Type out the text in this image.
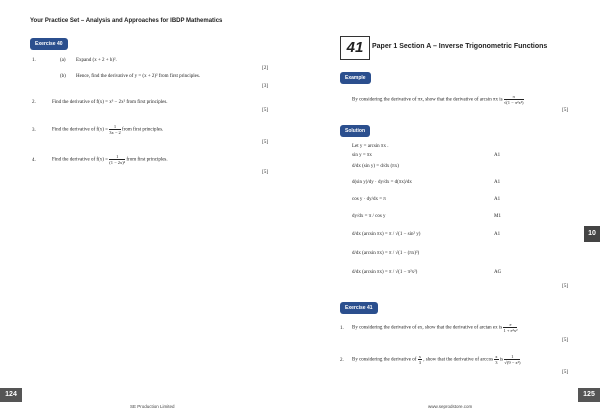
Your Practice Set – Analysis and Approaches for IBDP Mathematics
Exercise 40
1.	(a) Expand (x + 2 + h)².
[2]
(b) Hence, find the derivative of y = (x + 2)² from first principles.
[3]
2.	Find the derivative of f(x) = x³ − 2x² from first principles.
[5]
3.	Find the derivative of $f(x) = \frac{1}{3x - 2}$ from first principles.
[5]
4.	Find the derivative of $f(x) = \frac{1}{\text{(1 − 2x)²}}$ from first principles.
[5]
124
SE Production Limited
41	Paper 1 Section A – Inverse Trigonometric Functions
Example
By considering the derivative of πx, show that the derivative of arcsin πx is $\frac{\pi}{\text{√(1 − π²x²)}}$
[5]
Solution
Let y = arcsin πx .
sin y = πx	A1
d/dx (sin y) = d/dx (πx)
d(sin y)/dy · dy/dx = d(πx)/dx	A1
cos y · dy/dx = π	A1
dy/dx = π / cos y	M1
d/dx (arcsin πx) = π / √(1 − sin² y)	A1
d/dx (arcsin πx) = π / √(1 − (πx)²)
d/dx (arcsin πx) = π / √(1 − π²x²)	AG
[5]
Exercise 41
1. By considering the derivative of ex, show that the derivative of arctan ex is $\frac{e}{\text{1 + e²x²}}$
[5]
2. By considering the derivative of $\frac{x}{3}$ , show that the derivative of $\arccos \frac{x}{3}$ is $\frac{1}{\text{√(9 − x²)}}$
[5]
10
125
www.seprodstore.com
